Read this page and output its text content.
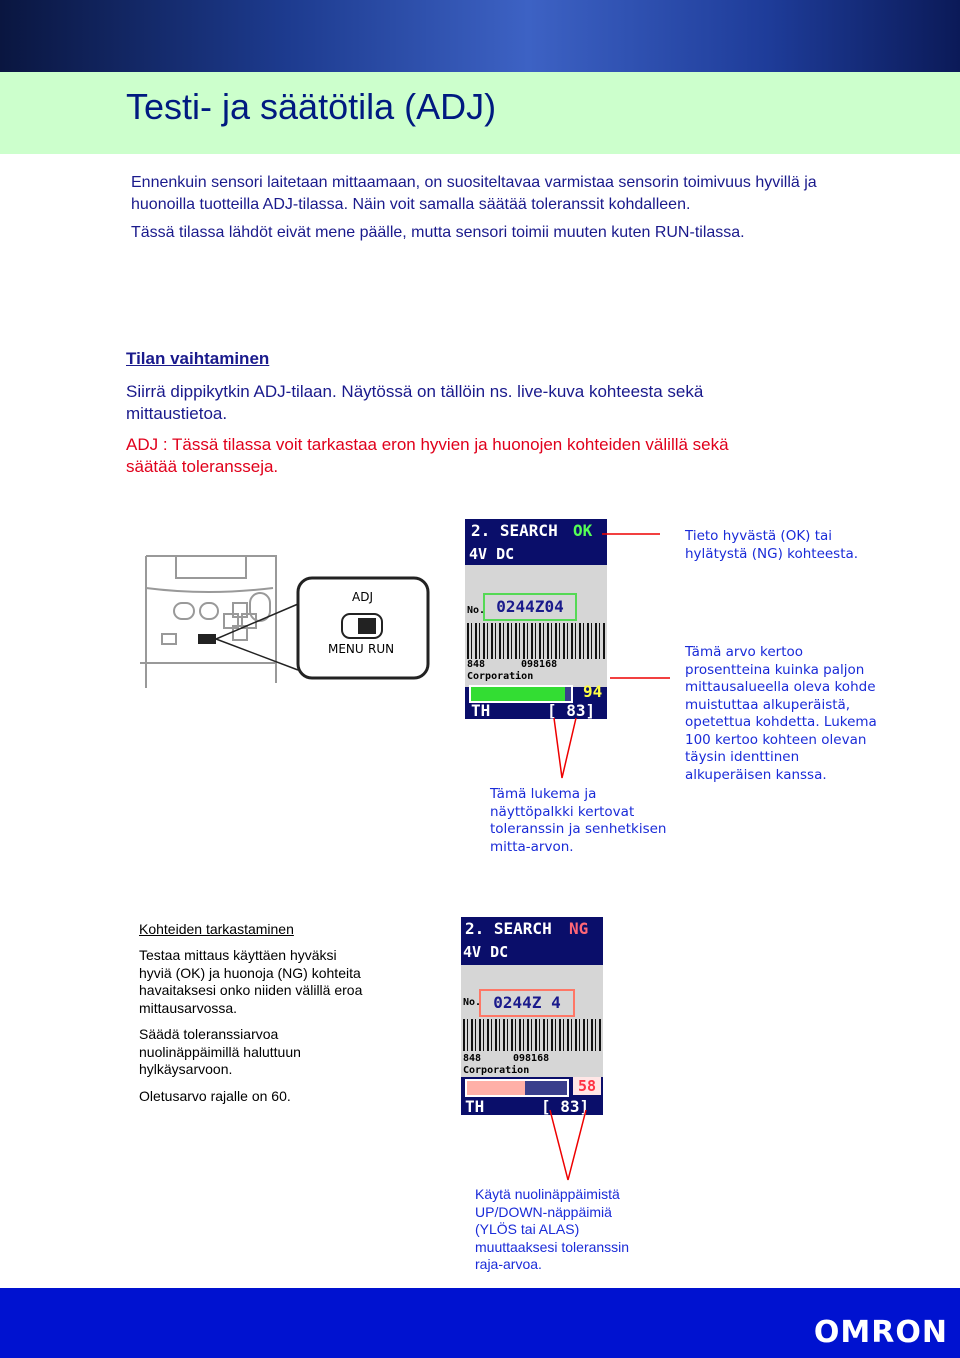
Testi- ja säätötila (ADJ)
Ennenkuin sensori laitetaan mittaamaan, on suositeltavaa varmistaa sensorin toimivuus hyvillä ja
huonoilla tuotteilla ADJ-tilassa. Näin voit samalla säätää toleranssit kohdalleen.
Tässä tilassa lähdöt eivät mene päälle, mutta sensori toimii muuten kuten RUN-tilassa.
Tilan vaihtaminen
Siirrä dippikytkin ADJ-tilaan. Näytössä on tällöin ns. live-kuva kohteesta sekä
mittaustietoa.
ADJ : Tässä tilassa voit tarkastaa eron hyvien ja huonojen kohteiden välillä sekä
säätää toleransseja.
ADJ
MENU RUN
2. SEARCH OK
4V DC
No. 0244Z04
848	098168
Corporation
94
TH	[ 83]
Tieto hyvästä (OK) tai
hylätystä (NG) kohteesta.
Tämä arvo kertoo
prosentteina kuinka paljon
mittausalueella oleva kohde
muistuttaa alkuperäistä,
opetettua kohdetta. Lukema
100 kertoo kohteen olevan
täysin identtinen
alkuperäisen kanssa.
Tämä lukema ja
näyttöpalkki kertovat
toleranssin ja senhetkisen
mitta-arvon.
Kohteiden tarkastaminen
Testaa mittaus käyttäen hyväksi
hyviä (OK) ja huonoja (NG) kohteita
havaitaksesi onko niiden välillä eroa
mittausarvossa.
Säädä toleranssiarvoa
nuolinäppäimillä haluttuun
hylkäysarvoon.
Oletusarvo rajalle on 60.
2. SEARCH NG
4V DC
No. 0244Z 4
848	098168
Corporation
58
TH	[ 83]
Käytä nuolinäppäimistä
UP/DOWN-näppäimiä
(YLÖS tai ALAS)
muuttaaksesi toleranssin
raja-arvoa.
OMRON
